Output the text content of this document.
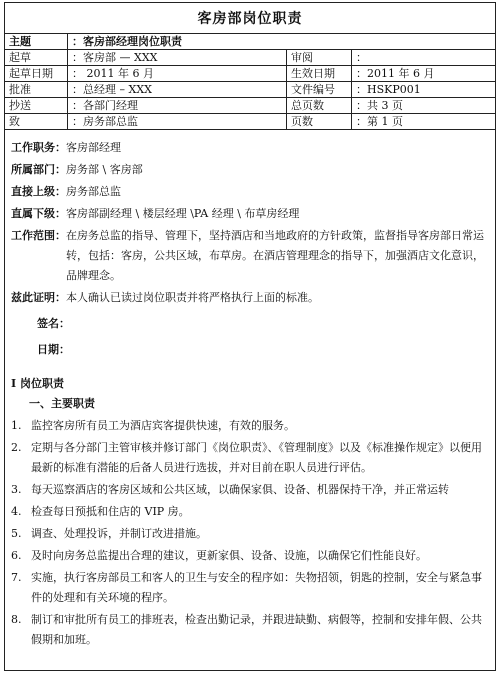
客房部岗位职责
主题	：客房部经理岗位职责		
起草	：客房部 — XXX	审阅	：
起草日期	： 2011 年 6 月	生效日期	：2011 年 6 月
批准	：总经理 – XXX	文件编号	：HSKP001
抄送	：各部门经理	总页数	：共 3 页
致	：房务部总监	页数	：第 1 页
工作职务： 客房部经理
所属部门： 房务部 \ 客房部
直接上级： 房务部总监
直属下级： 客房部副经理 \ 楼层经理 \PA 经理 \ 布草房经理
工作范围： 在房务总监的指导、管理下，坚持酒店和当地政府的方针政策，监督指导客房部日常运转，包括：客房，公共区域，布草房。在酒店管理理念的指导下，加强酒店文化意识，品牌理念。
兹此证明： 本人确认已读过岗位职责并将严格执行上面的标准。
签名：
日期：
I 岗位职责
一、主要职责
1. 监控客房所有员工为酒店宾客提供快速，有效的服务。
2. 定期与各分部门主管审核并修订部门《岗位职责》、《管理制度》以及《标准操作规定》以便用最新的标准有潜能的后备人员进行选拔，并对目前在职人员进行评估。
3. 每天巡察酒店的客房区域和公共区域，以确保家俱、设备、机器保持干净，并正常运转
4. 检查每日预抵和住店的 VIP 房。
5. 调查、处理投诉，并制订改进措施。
6. 及时向房务总监提出合理的建议，更新家俱、设备、设施，以确保它们性能良好。
7. 实施，执行客房部员工和客人的卫生与安全的程序如：失物招领，钥匙的控制，安全与紧急事件的处理和有关环境的程序。
8. 制订和审批所有员工的排班表，检查出勤记录，并跟进缺勤、病假等，控制和安排年假、公共假期和加班。
